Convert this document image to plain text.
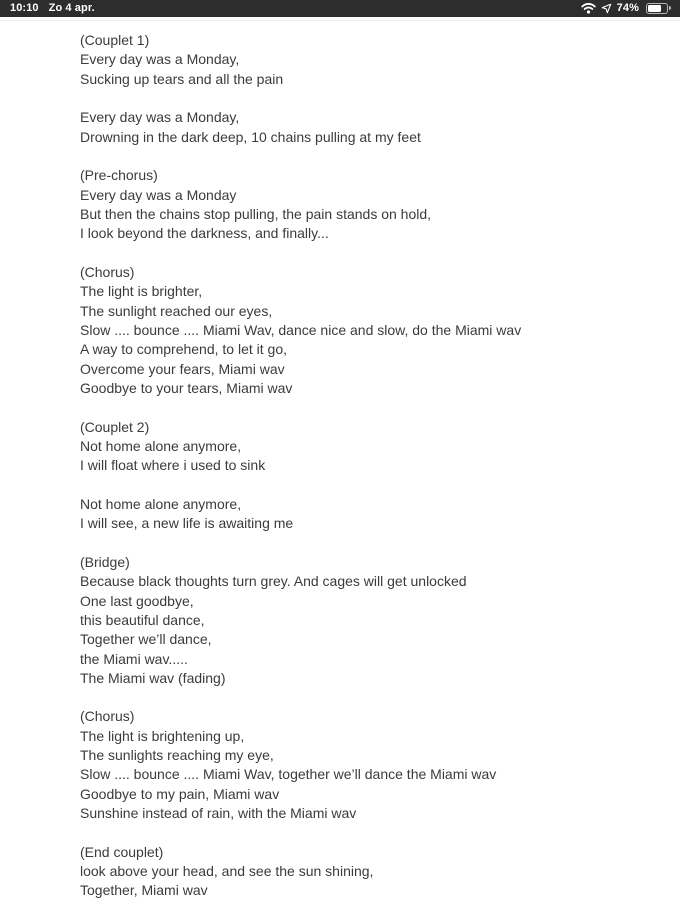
10:10 Zo 4 apr.	74%
(Couplet 1)
Every day was a Monday,
Sucking up tears and all the pain
Every day was a Monday,
Drowning in the dark deep, 10 chains pulling at my feet
(Pre-chorus)
Every day was a Monday
But then the chains stop pulling, the pain stands on hold,
I look beyond the darkness, and finally...
(Chorus)
The light is brighter,
The sunlight reached our eyes,
Slow .... bounce .... Miami Wav, dance nice and slow, do the Miami wav
A way to comprehend, to let it go,
Overcome your fears, Miami wav
Goodbye to your tears, Miami wav
(Couplet 2)
Not home alone anymore,
I will float where i used to sink
Not home alone anymore,
I will see, a new life is awaiting me
(Bridge)
Because black thoughts turn grey. And cages will get unlocked
One last goodbye,
this beautiful dance,
Together we’ll dance,
the Miami wav.....
The Miami wav (fading)
(Chorus)
The light is brightening up,
The sunlights reaching my eye,
Slow .... bounce .... Miami Wav, together we’ll dance the Miami wav
Goodbye to my pain, Miami wav
Sunshine instead of rain, with the Miami wav
(End couplet)
look above your head, and see the sun shining,
Together, Miami wav
